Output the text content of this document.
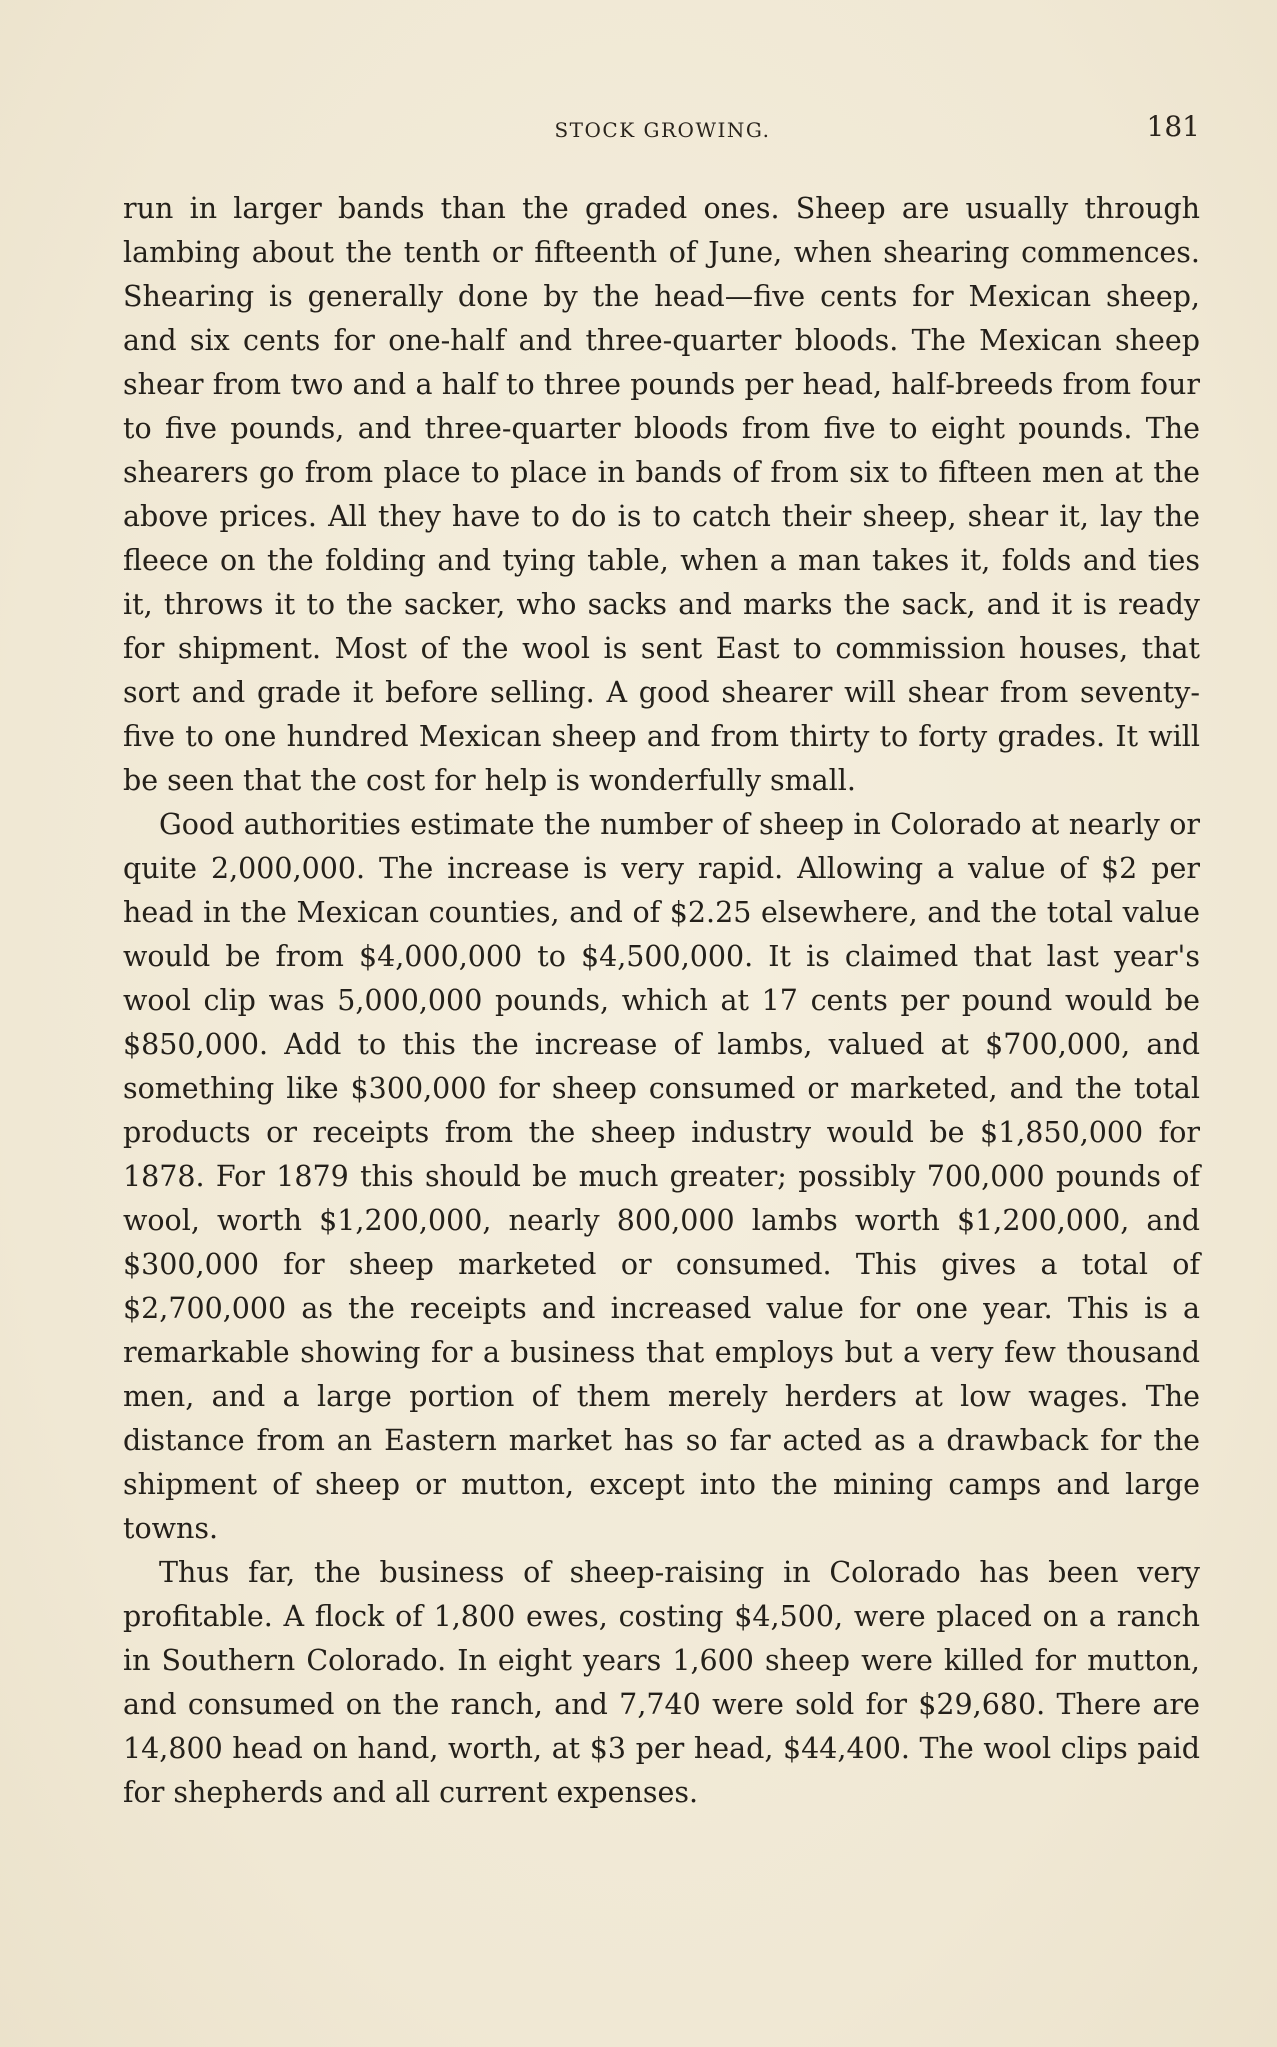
STOCK GROWING.	181

run in larger bands than the graded ones. Sheep are usually through lambing about the tenth or fifteenth of June, when shearing commences. Shearing is generally done by the head—five cents for Mexican sheep, and six cents for one-half and three-quarter bloods. The Mexican sheep shear from two and a half to three pounds per head, half-breeds from four to five pounds, and three-quarter bloods from five to eight pounds. The shearers go from place to place in bands of from six to fifteen men at the above prices. All they have to do is to catch their sheep, shear it, lay the fleece on the folding and tying table, when a man takes it, folds and ties it, throws it to the sacker, who sacks and marks the sack, and it is ready for shipment. Most of the wool is sent East to commission houses, that sort and grade it before selling. A good shearer will shear from seventy-five to one hundred Mexican sheep and from thirty to forty grades. It will be seen that the cost for help is wonderfully small.

Good authorities estimate the number of sheep in Colorado at nearly or quite 2,000,000. The increase is very rapid. Allowing a value of $2 per head in the Mexican counties, and of $2.25 elsewhere, and the total value would be from $4,000,000 to $4,500,000. It is claimed that last year's wool clip was 5,000,000 pounds, which at 17 cents per pound would be $850,000. Add to this the increase of lambs, valued at $700,000, and something like $300,000 for sheep consumed or marketed, and the total products or receipts from the sheep industry would be $1,850,000 for 1878. For 1879 this should be much greater; possibly 700,000 pounds of wool, worth $1,200,000, nearly 800,000 lambs worth $1,200,000, and $300,000 for sheep marketed or consumed. This gives a total of $2,700,000 as the receipts and increased value for one year. This is a remarkable showing for a business that employs but a very few thousand men, and a large portion of them merely herders at low wages. The distance from an Eastern market has so far acted as a drawback for the shipment of sheep or mutton, except into the mining camps and large towns.

Thus far, the business of sheep-raising in Colorado has been very profitable. A flock of 1,800 ewes, costing $4,500, were placed on a ranch in Southern Colorado. In eight years 1,600 sheep were killed for mutton, and consumed on the ranch, and 7,740 were sold for $29,680. There are 14,800 head on hand, worth, at $3 per head, $44,400. The wool clips paid for shepherds and all current expenses.
